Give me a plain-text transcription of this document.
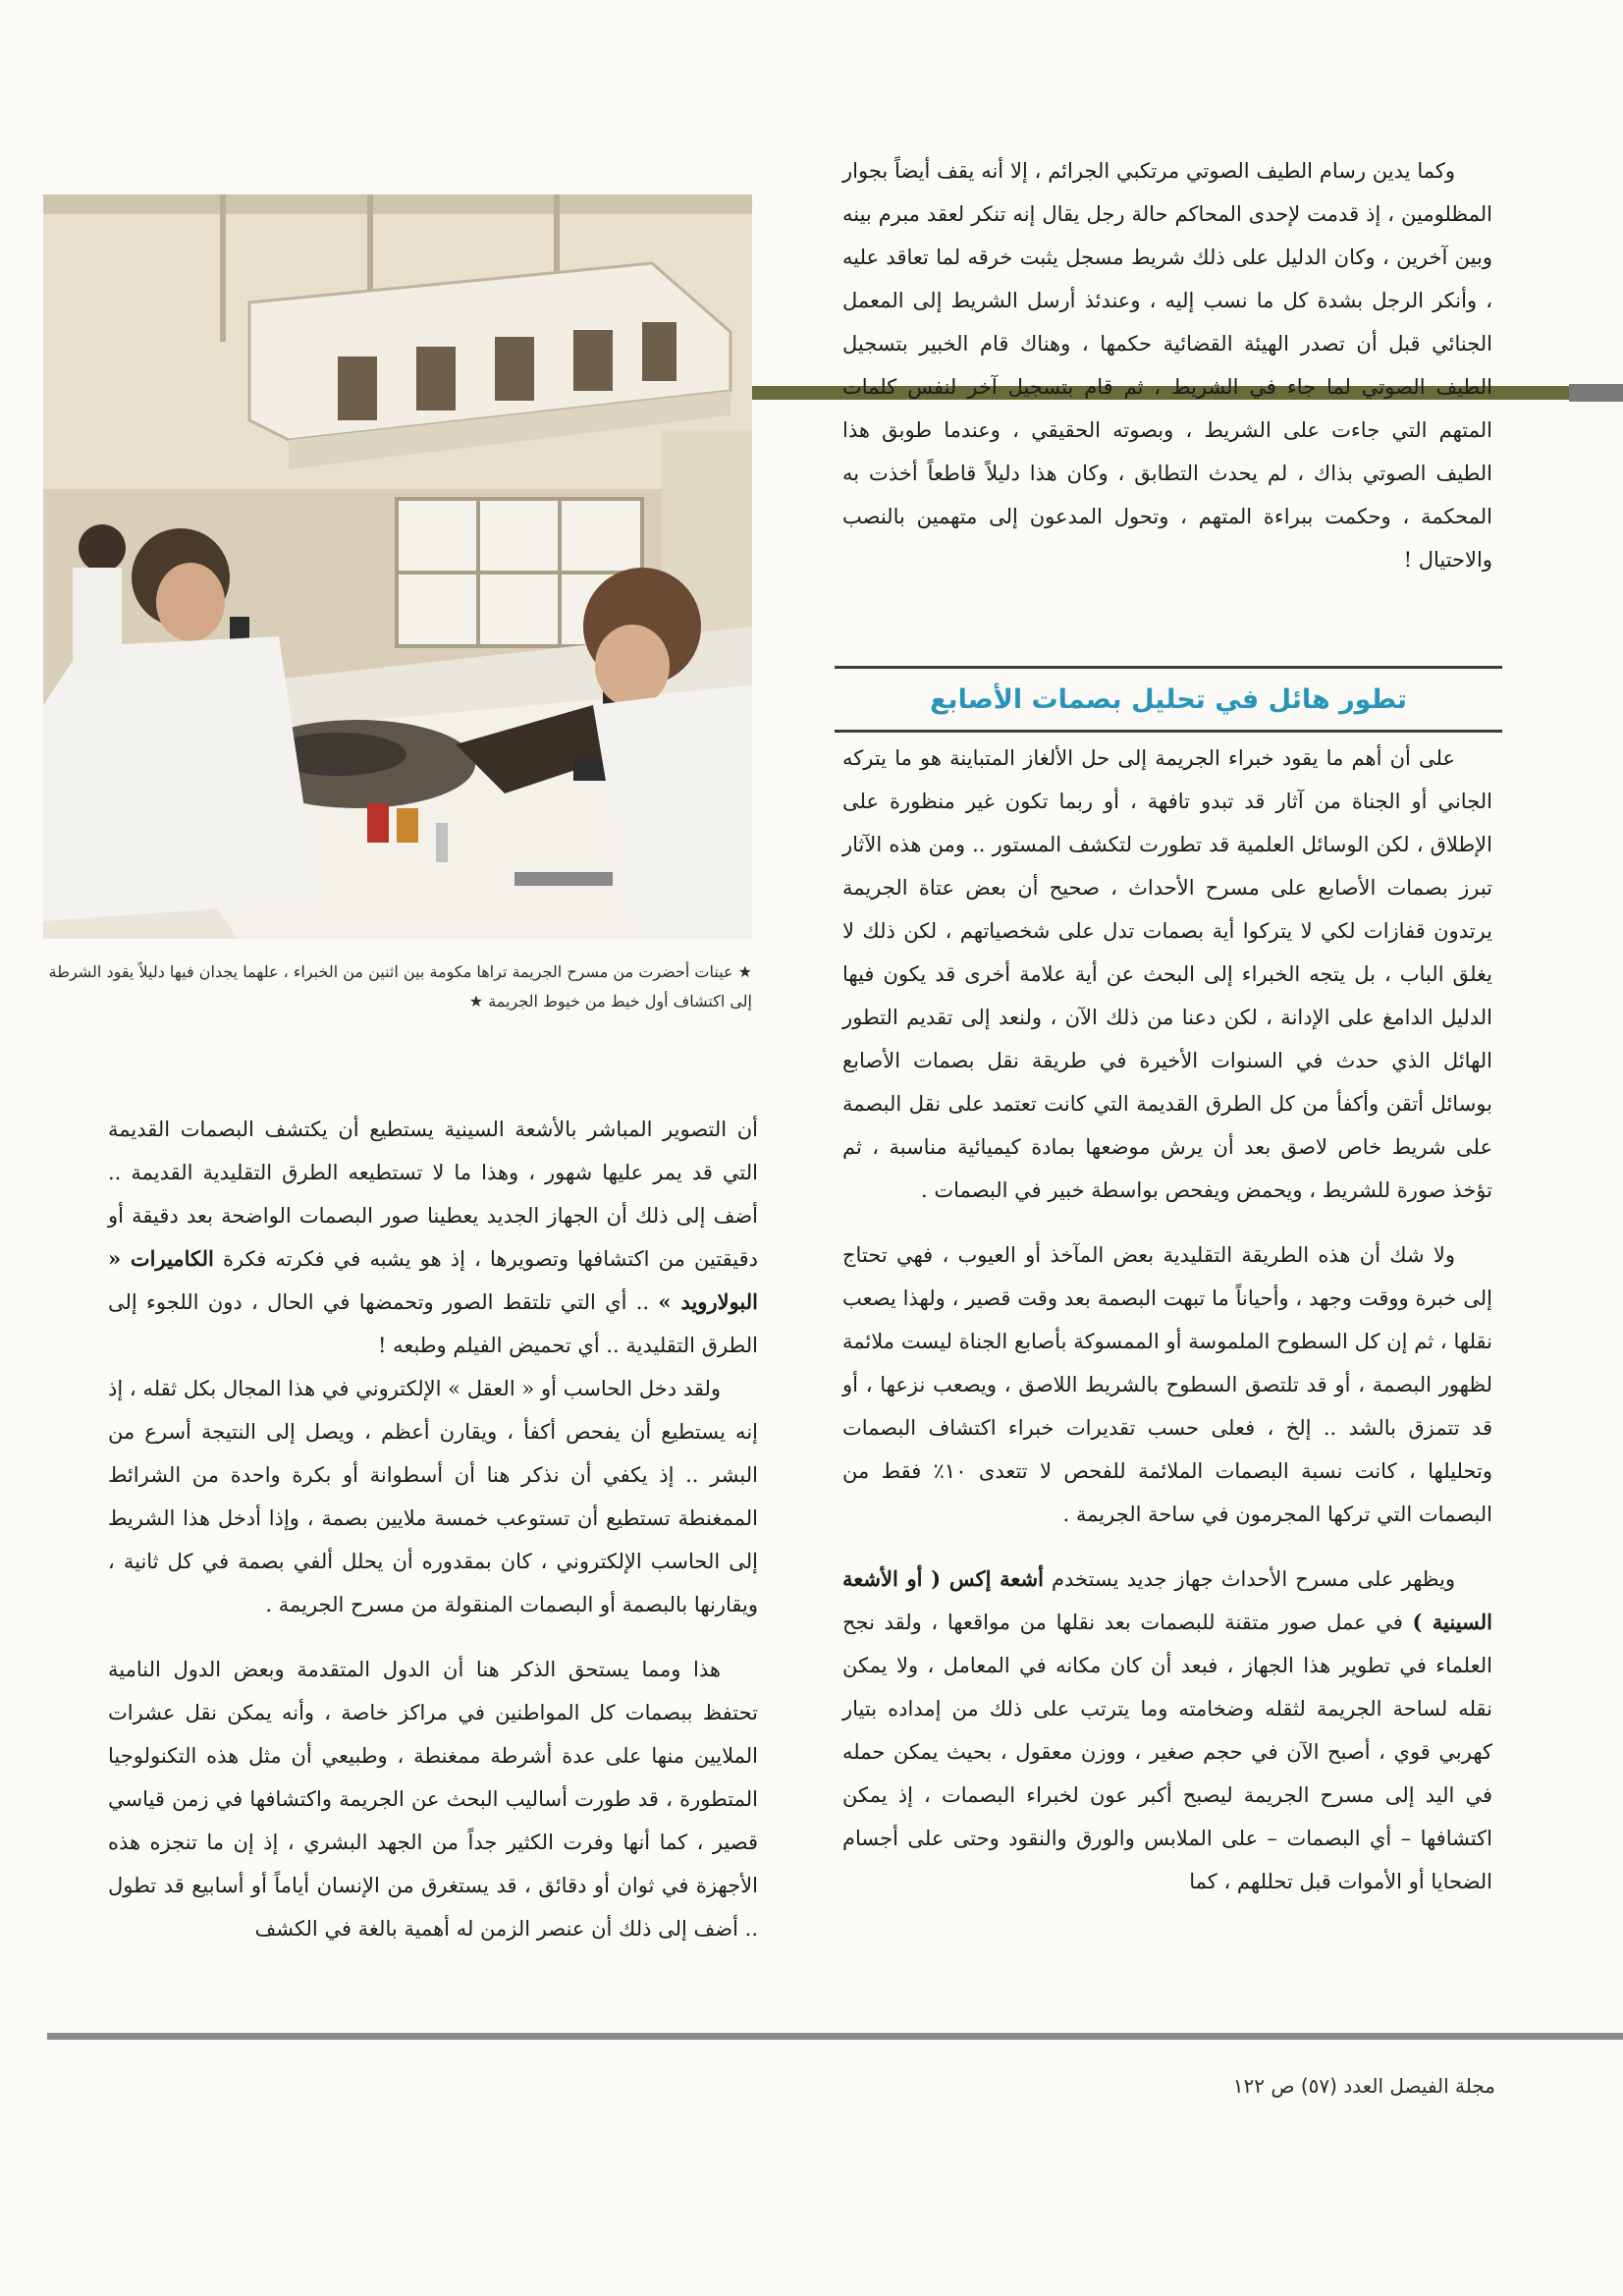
★ عينات أحضرت من مسرح الجريمة تراها مكومة بين اثنين من الخبراء ، علهما يجدان فيها دليلاً يقود الشرطة إلى اكتشاف أول خيط من خيوط الجريمة ★

وكما يدين رسام الطيف الصوتي مرتكبي الجرائم ، إلا أنه يقف أيضاً بجوار المظلومين ، إذ قدمت لإحدى المحاكم حالة رجل يقال إنه تنكر لعقد مبرم بينه وبين آخرين ، وكان الدليل على ذلك شريط مسجل يثبت خرقه لما تعاقد عليه ، وأنكر الرجل بشدة كل ما نسب إليه ، وعندئذ أرسل الشريط إلى المعمل الجنائي قبل أن تصدر الهيئة القضائية حكمها ، وهناك قام الخبير بتسجيل الطيف الصوتي لما جاء في الشريط ، ثم قام بتسجيل آخر لنفس كلمات المتهم التي جاءت على الشريط ، وبصوته الحقيقي ، وعندما طوبق هذا الطيف الصوتي بذاك ، لم يحدث التطابق ، وكان هذا دليلاً قاطعاً أخذت به المحكمة ، وحكمت ببراءة المتهم ، وتحول المدعون إلى متهمين بالنصب والاحتيال !

تطور هائل في تحليل بصمات الأصابع

على أن أهم ما يقود خبراء الجريمة إلى حل الألغاز المتباينة هو ما يتركه الجاني أو الجناة من آثار قد تبدو تافهة ، أو ربما تكون غير منظورة على الإطلاق ، لكن الوسائل العلمية قد تطورت لتكشف المستور .. ومن هذه الآثار تبرز بصمات الأصابع على مسرح الأحداث ، صحيح أن بعض عتاة الجريمة يرتدون قفازات لكي لا يتركوا أية بصمات تدل على شخصياتهم ، لكن ذلك لا يغلق الباب ، بل يتجه الخبراء إلى البحث عن أية علامة أخرى قد يكون فيها الدليل الدامغ على الإدانة ، لكن دعنا من ذلك الآن ، ولنعد إلى تقديم التطور الهائل الذي حدث في السنوات الأخيرة في طريقة نقل بصمات الأصابع بوسائل أتقن وأكفأ من كل الطرق القديمة التي كانت تعتمد على نقل البصمة على شريط خاص لاصق بعد أن يرش موضعها بمادة كيميائية مناسبة ، ثم تؤخذ صورة للشريط ، ويحمض ويفحص بواسطة خبير في البصمات .

ولا شك أن هذه الطريقة التقليدية بعض المآخذ أو العيوب ، فهي تحتاج إلى خبرة ووقت وجهد ، وأحياناً ما تبهت البصمة بعد وقت قصير ، ولهذا يصعب نقلها ، ثم إن كل السطوح الملموسة أو الممسوكة بأصابع الجناة ليست ملائمة لظهور البصمة ، أو قد تلتصق السطوح بالشريط اللاصق ، ويصعب نزعها ، أو قد تتمزق بالشد .. إلخ ، فعلى حسب تقديرات خبراء اكتشاف البصمات وتحليلها ، كانت نسبة البصمات الملائمة للفحص لا تتعدى ١٠٪ فقط من البصمات التي تركها المجرمون في ساحة الجريمة .

ويظهر على مسرح الأحداث جهاز جديد يستخدم أشعة إكس ( أو الأشعة السينية ) في عمل صور متقنة للبصمات بعد نقلها من مواقعها ، ولقد نجح العلماء في تطوير هذا الجهاز ، فبعد أن كان مكانه في المعامل ، ولا يمكن نقله لساحة الجريمة لثقله وضخامته وما يترتب على ذلك من إمداده بتيار كهربي قوي ، أصبح الآن في حجم صغير ، ووزن معقول ، بحيث يمكن حمله في اليد إلى مسرح الجريمة ليصبح أكبر عون لخبراء البصمات ، إذ يمكن اكتشافها – أي البصمات – على الملابس والورق والنقود وحتى على أجسام الضحايا أو الأموات قبل تحللهم ، كما

أن التصوير المباشر بالأشعة السينية يستطيع أن يكتشف البصمات القديمة التي قد يمر عليها شهور ، وهذا ما لا تستطيعه الطرق التقليدية القديمة .. أضف إلى ذلك أن الجهاز الجديد يعطينا صور البصمات الواضحة بعد دقيقة أو دقيقتين من اكتشافها وتصويرها ، إذ هو يشبه في فكرته فكرة الكاميرات « البولارويد » .. أي التي تلتقط الصور وتحمضها في الحال ، دون اللجوء إلى الطرق التقليدية .. أي تحميض الفيلم وطبعه !

ولقد دخل الحاسب أو « العقل » الإلكتروني في هذا المجال بكل ثقله ، إذ إنه يستطيع أن يفحص أكفأ ، ويقارن أعظم ، ويصل إلى النتيجة أسرع من البشر .. إذ يكفي أن نذكر هنا أن أسطوانة أو بكرة واحدة من الشرائط الممغنطة تستطيع أن تستوعب خمسة ملايين بصمة ، وإذا أدخل هذا الشريط إلى الحاسب الإلكتروني ، كان بمقدوره أن يحلل ألفي بصمة في كل ثانية ، ويقارنها بالبصمة أو البصمات المنقولة من مسرح الجريمة .

هذا ومما يستحق الذكر هنا أن الدول المتقدمة وبعض الدول النامية تحتفظ ببصمات كل المواطنين في مراكز خاصة ، وأنه يمكن نقل عشرات الملايين منها على عدة أشرطة ممغنطة ، وطبيعي أن مثل هذه التكنولوجيا المتطورة ، قد طورت أساليب البحث عن الجريمة واكتشافها في زمن قياسي قصير ، كما أنها وفرت الكثير جداً من الجهد البشري ، إذ إن ما تنجزه هذه الأجهزة في ثوان أو دقائق ، قد يستغرق من الإنسان أياماً أو أسابيع قد تطول .. أضف إلى ذلك أن عنصر الزمن له أهمية بالغة في الكشف

مجلة الفيصل العدد (٥٧) ص ١٢٢
